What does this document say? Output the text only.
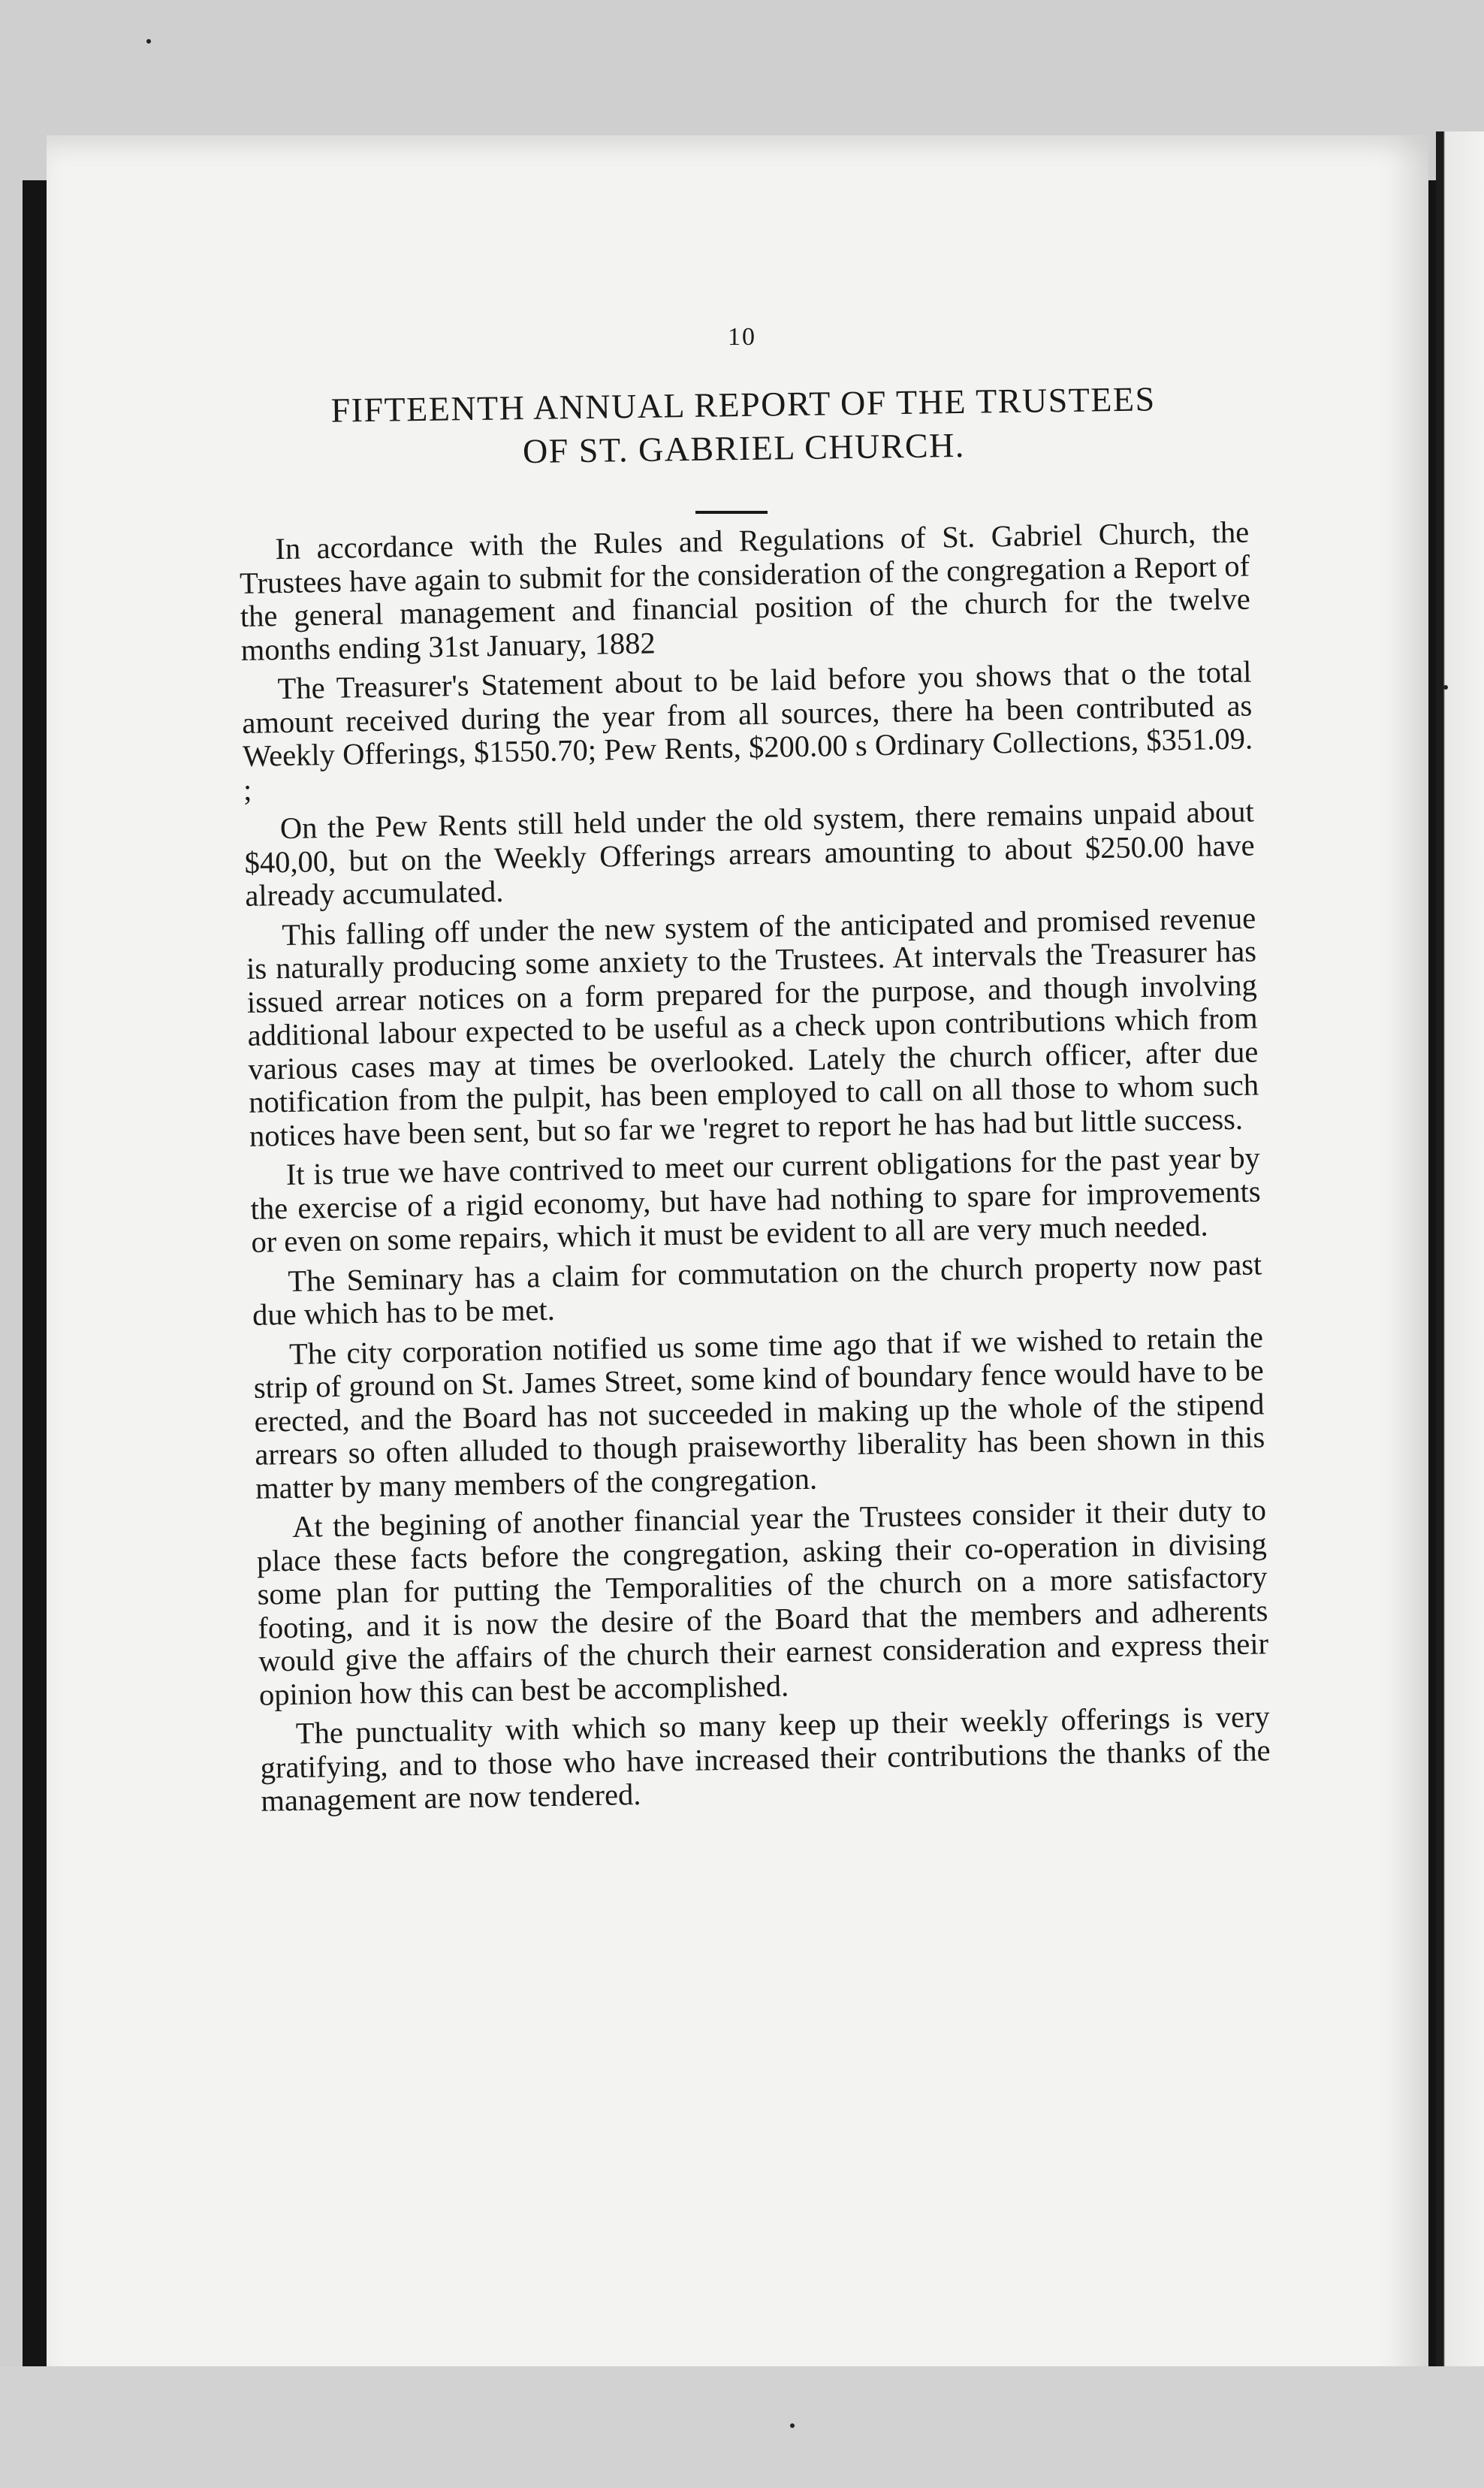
10
FIFTEENTH ANNUAL REPORT OF THE TRUSTEES
OF ST. GABRIEL CHURCH.

In accordance with the Rules and Regulations of St. Gabriel Church, the Trustees have again to submit for the consideration of the congregation a Report of the general management and financial position of the church for the twelve months ending 31st January, 1882

The Treasurer's Statement about to be laid before you shows that o the total amount received during the year from all sources, there ha been contributed as Weekly Offerings, $1550.70; Pew Rents, $200.00 s Ordinary Collections, $351.09. ;

On the Pew Rents still held under the old system, there remains unpaid about $40,00, but on the Weekly Offerings arrears amounting to about $250.00 have already accumulated.

This falling off under the new system of the anticipated and promised revenue is naturally producing some anxiety to the Trustees. At intervals the Treasurer has issued arrear notices on a form prepared for the purpose, and though involving additional labour expected to be useful as a check upon contributions which from various cases may at times be overlooked. Lately the church officer, after due notification from the pulpit, has been employed to call on all those to whom such notices have been sent, but so far we 'regret to report he has had but little success.

It is true we have contrived to meet our current obligations for the past year by the exercise of a rigid economy, but have had nothing to spare for improvements or even on some repairs, which it must be evident to all are very much needed.

The Seminary has a claim for commutation on the church property now past due which has to be met.

The city corporation notified us some time ago that if we wished to retain the strip of ground on St. James Street, some kind of boundary fence would have to be erected, and the Board has not succeeded in making up the whole of the stipend arrears so often alluded to though praiseworthy liberality has been shown in this matter by many members of the congregation.

At the begining of another financial year the Trustees consider it their duty to place these facts before the congregation, asking their co-operation in divising some plan for putting the Temporalities of the church on a more satisfactory footing, and it is now the desire of the Board that the members and adherents would give the affairs of the church their earnest consideration and express their opinion how this can best be accomplished.

The punctuality with which so many keep up their weekly offerings is very gratifying, and to those who have increased their contributions the thanks of the management are now tendered.
